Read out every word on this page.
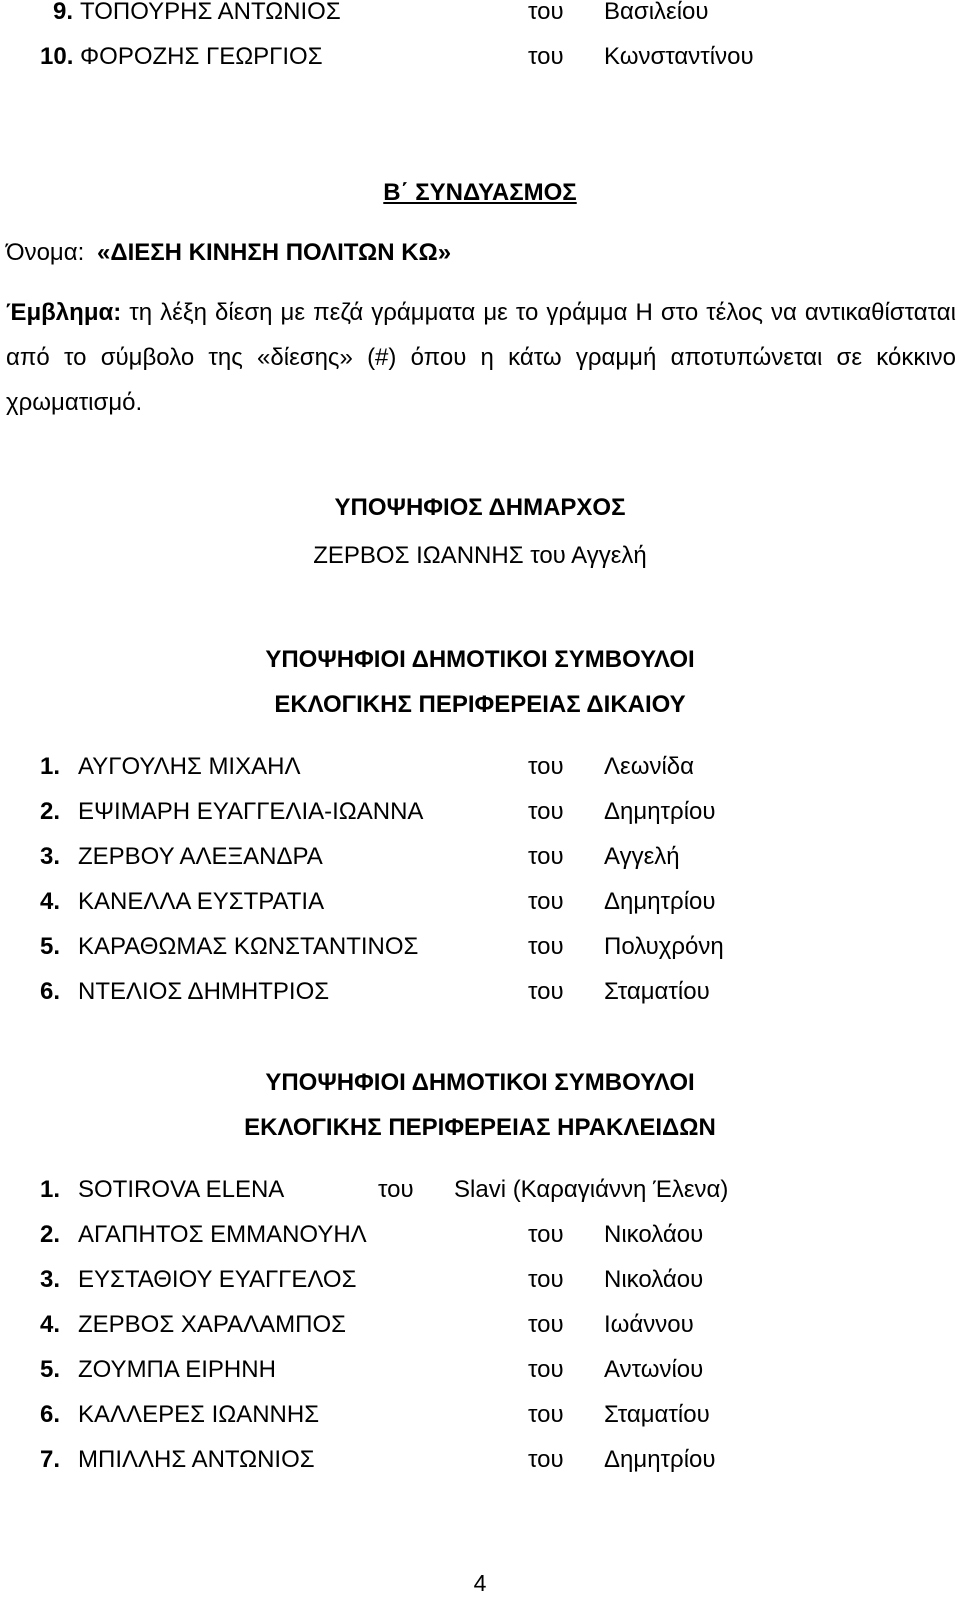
9. ΤΟΠΟΥΡΗΣ ΑΝΤΩΝΙΟΣ	του Βασιλείου
10. ΦΟΡΟΖΗΣ ΓΕΩΡΓΙΟΣ	του Κωνσταντίνου
Β΄ ΣΥΝΔΥΑΣΜΟΣ
Όνομα: «ΔΙΕΣΗ ΚΙΝΗΣΗ ΠΟΛΙΤΩΝ ΚΩ»
Έμβλημα: τη λέξη δίεση με πεζά γράμματα με το γράμμα Η στο τέλος να αντικαθίσταται από το σύμβολο της «δίεσης» (#) όπου η κάτω γραμμή αποτυπώνεται σε κόκκινο χρωματισμό.
ΥΠΟΨΗΦΙΟΣ ΔΗΜΑΡΧΟΣ
ΖΕΡΒΟΣ ΙΩΑΝΝΗΣ του Αγγελή
ΥΠΟΨΗΦΙΟΙ ΔΗΜΟΤΙΚΟΙ ΣΥΜΒΟΥΛΟΙ
ΕΚΛΟΓΙΚΗΣ ΠΕΡΙΦΕΡΕΙΑΣ ΔΙΚΑΙΟΥ
1. ΑΥΓΟΥΛΗΣ ΜΙΧΑΗΛ	του Λεωνίδα
2. ΕΨΙΜΑΡΗ ΕΥΑΓΓΕΛΙΑ-ΙΩΑΝΝΑ	του Δημητρίου
3. ΖΕΡΒΟΥ ΑΛΕΞΑΝΔΡΑ	του Αγγελή
4. ΚΑΝΕΛΛΑ ΕΥΣΤΡΑΤΙΑ	του Δημητρίου
5. ΚΑΡΑΘΩΜΑΣ ΚΩΝΣΤΑΝΤΙΝΟΣ	του Πολυχρόνη
6. ΝΤΕΛΙΟΣ ΔΗΜΗΤΡΙΟΣ	του Σταματίου
ΥΠΟΨΗΦΙΟΙ ΔΗΜΟΤΙΚΟΙ ΣΥΜΒΟΥΛΟΙ
ΕΚΛΟΓΙΚΗΣ ΠΕΡΙΦΕΡΕΙΑΣ ΗΡΑΚΛΕΙΔΩΝ
1. SOTIROVA ELENA	του Slavi (Καραγιάννη Έλενα)
2. ΑΓΑΠΗΤΟΣ ΕΜΜΑΝΟΥΗΛ	του Νικολάου
3. ΕΥΣΤΑΘΙΟΥ ΕΥΑΓΓΕΛΟΣ	του Νικολάου
4. ΖΕΡΒΟΣ ΧΑΡΑΛΑΜΠΟΣ	του Ιωάννου
5. ΖΟΥΜΠΑ ΕΙΡΗΝΗ	του Αντωνίου
6. ΚΑΛΛΕΡΕΣ ΙΩΑΝΝΗΣ	του Σταματίου
7. ΜΠΙΛΛΗΣ ΑΝΤΩΝΙΟΣ	του Δημητρίου
4
